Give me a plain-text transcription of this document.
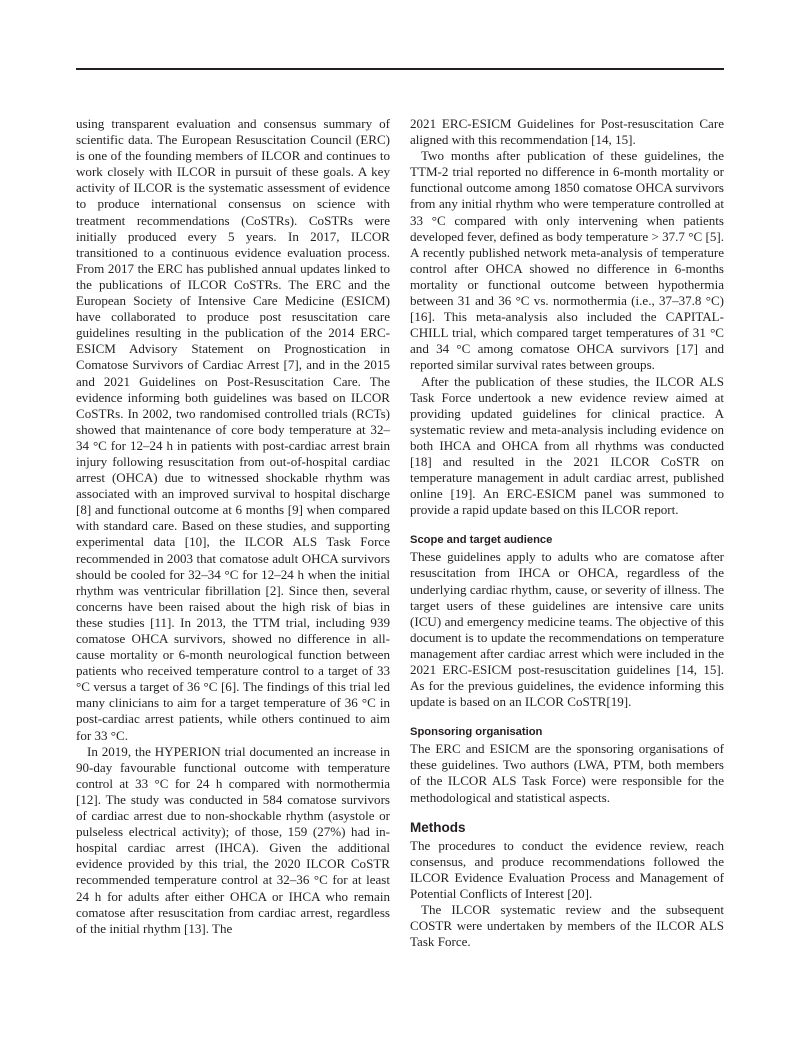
using transparent evaluation and consensus summary of scientific data. The European Resuscitation Council (ERC) is one of the founding members of ILCOR and continues to work closely with ILCOR in pursuit of these goals. A key activity of ILCOR is the systematic assessment of evidence to produce international consensus on science with treatment recommendations (CoSTRs). CoSTRs were initially produced every 5 years. In 2017, ILCOR transitioned to a continuous evidence evaluation process. From 2017 the ERC has published annual updates linked to the publications of ILCOR CoSTRs. The ERC and the European Society of Intensive Care Medicine (ESICM) have collaborated to produce post resuscitation care guidelines resulting in the publication of the 2014 ERC-ESICM Advisory Statement on Prognostication in Comatose Survivors of Cardiac Arrest [7], and in the 2015 and 2021 Guidelines on Post-Resuscitation Care. The evidence informing both guidelines was based on ILCOR CoSTRs. In 2002, two randomised controlled trials (RCTs) showed that maintenance of core body temperature at 32–34 °C for 12–24 h in patients with post-cardiac arrest brain injury following resuscitation from out-of-hospital cardiac arrest (OHCA) due to witnessed shockable rhythm was associated with an improved survival to hospital discharge [8] and functional outcome at 6 months [9] when compared with standard care. Based on these studies, and supporting experimental data [10], the ILCOR ALS Task Force recommended in 2003 that comatose adult OHCA survivors should be cooled for 32–34 °C for 12–24 h when the initial rhythm was ventricular fibrillation [2]. Since then, several concerns have been raised about the high risk of bias in these studies [11]. In 2013, the TTM trial, including 939 comatose OHCA survivors, showed no difference in all-cause mortality or 6-month neurological function between patients who received temperature control to a target of 33 °C versus a target of 36 °C [6]. The findings of this trial led many clinicians to aim for a target temperature of 36 °C in post-cardiac arrest patients, while others continued to aim for 33 °C.

In 2019, the HYPERION trial documented an increase in 90-day favourable functional outcome with temperature control at 33 °C for 24 h compared with normothermia [12]. The study was conducted in 584 comatose survivors of cardiac arrest due to non-shockable rhythm (asystole or pulseless electrical activity); of those, 159 (27%) had in-hospital cardiac arrest (IHCA). Given the additional evidence provided by this trial, the 2020 ILCOR CoSTR recommended temperature control at 32–36 °C for at least 24 h for adults after either OHCA or IHCA who remain comatose after resuscitation from cardiac arrest, regardless of the initial rhythm [13]. The

2021 ERC-ESICM Guidelines for Post-resuscitation Care aligned with this recommendation [14, 15].

Two months after publication of these guidelines, the TTM-2 trial reported no difference in 6-month mortality or functional outcome among 1850 comatose OHCA survivors from any initial rhythm who were temperature controlled at 33 °C compared with only intervening when patients developed fever, defined as body temperature > 37.7 °C [5]. A recently published network meta-analysis of temperature control after OHCA showed no difference in 6-months mortality or functional outcome between hypothermia between 31 and 36 °C vs. normothermia (i.e., 37–37.8 °C) [16]. This meta-analysis also included the CAPITAL-CHILL trial, which compared target temperatures of 31 °C and 34 °C among comatose OHCA survivors [17] and reported similar survival rates between groups.

After the publication of these studies, the ILCOR ALS Task Force undertook a new evidence review aimed at providing updated guidelines for clinical practice. A systematic review and meta-analysis including evidence on both IHCA and OHCA from all rhythms was conducted [18] and resulted in the 2021 ILCOR CoSTR on temperature management in adult cardiac arrest, published online [19]. An ERC-ESICM panel was summoned to provide a rapid update based on this ILCOR report.

Scope and target audience

These guidelines apply to adults who are comatose after resuscitation from IHCA or OHCA, regardless of the underlying cardiac rhythm, cause, or severity of illness. The target users of these guidelines are intensive care units (ICU) and emergency medicine teams. The objective of this document is to update the recommendations on temperature management after cardiac arrest which were included in the 2021 ERC-ESICM post-resuscitation guidelines [14, 15]. As for the previous guidelines, the evidence informing this update is based on an ILCOR CoSTR[19].

Sponsoring organisation

The ERC and ESICM are the sponsoring organisations of these guidelines. Two authors (LWA, PTM, both members of the ILCOR ALS Task Force) were responsible for the methodological and statistical aspects.

Methods

The procedures to conduct the evidence review, reach consensus, and produce recommendations followed the ILCOR Evidence Evaluation Process and Management of Potential Conflicts of Interest [20].

The ILCOR systematic review and the subsequent COSTR were undertaken by members of the ILCOR ALS Task Force.
